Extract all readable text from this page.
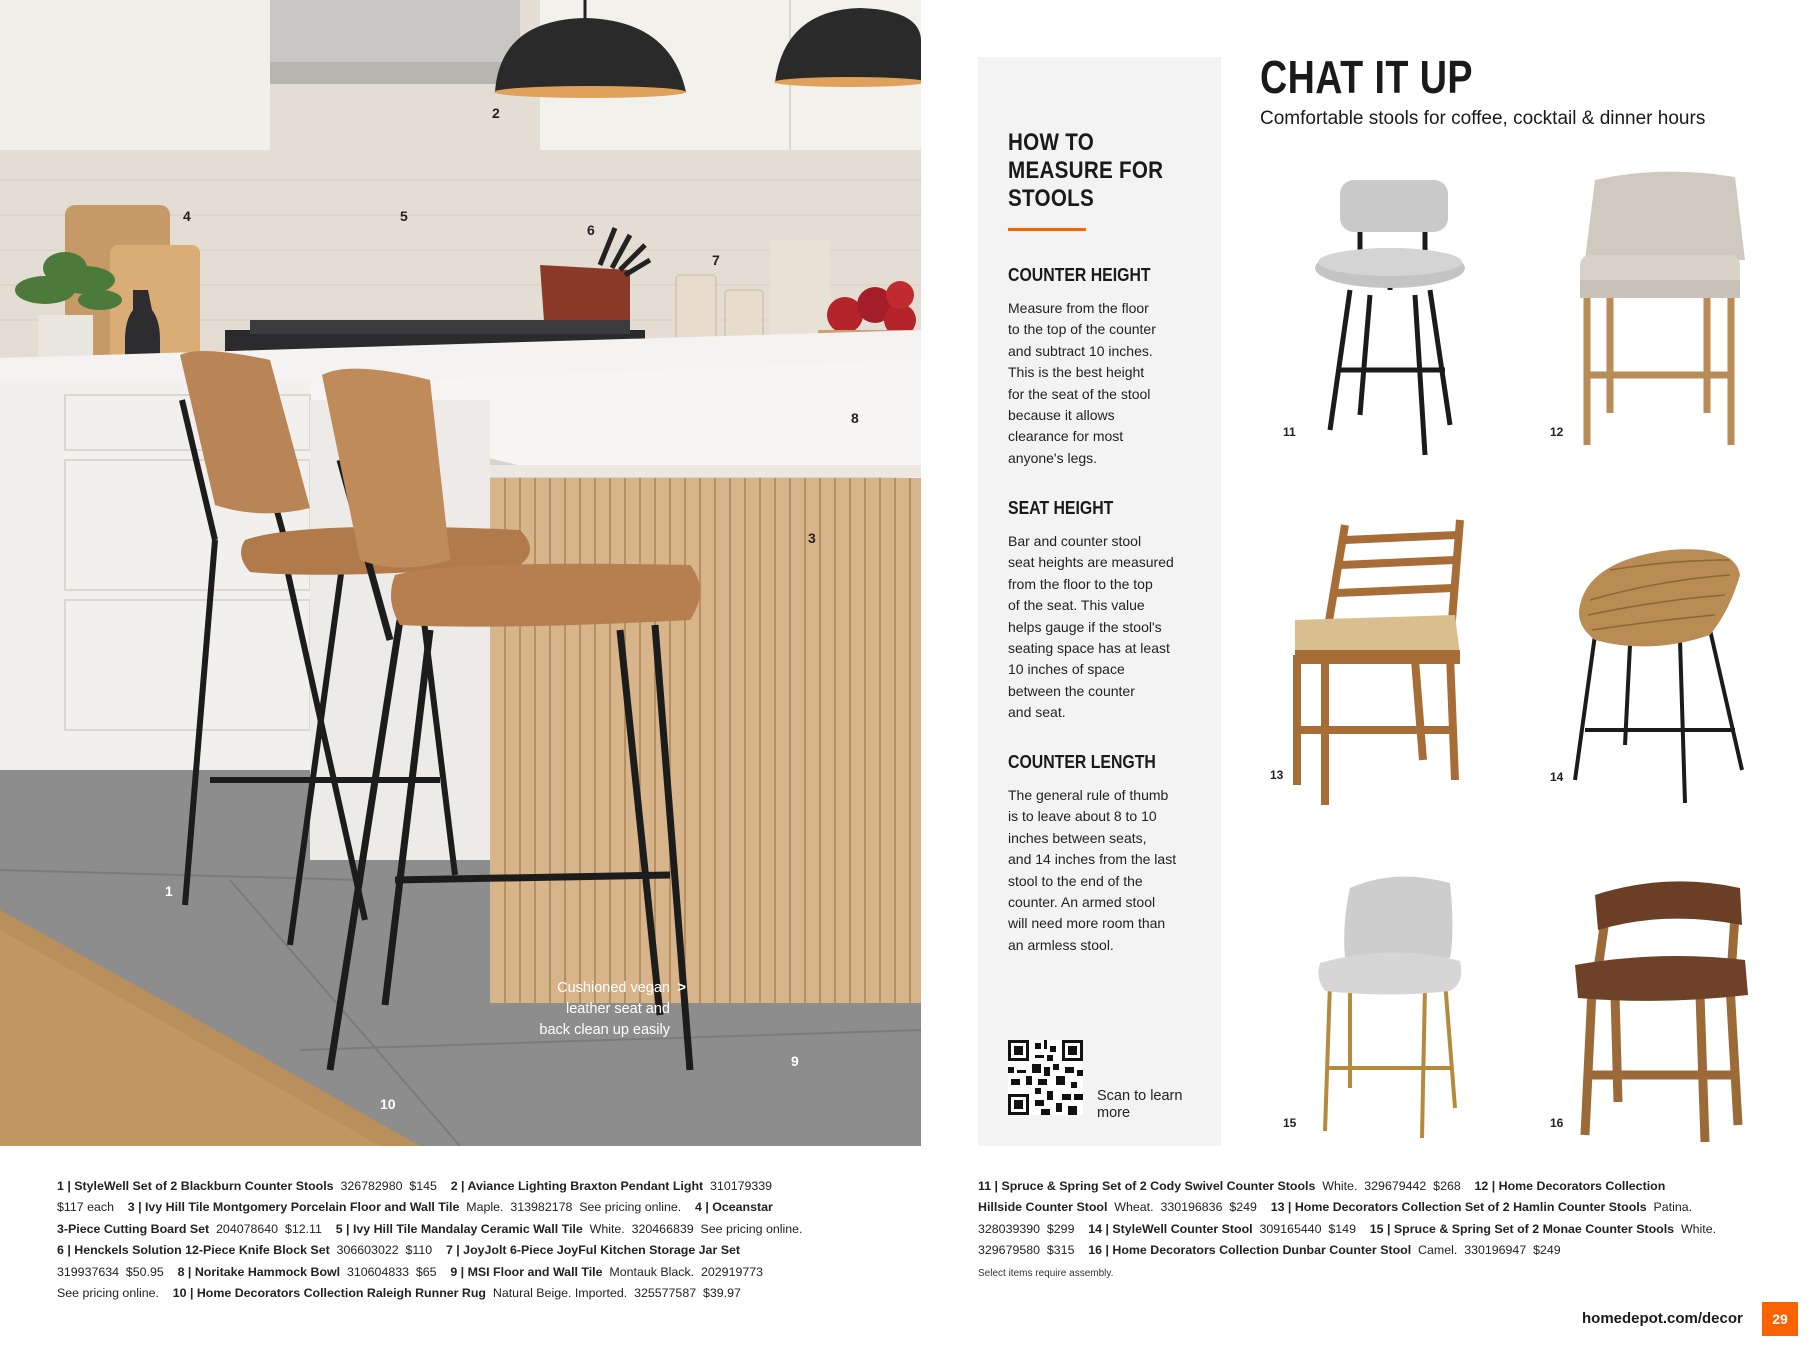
2
4	5
6
7
8
3
1
9
10
Cushioned vegan
leather seat and
back clean up easily
>
HOW TO MEASURE FOR STOOLS
COUNTER HEIGHT
Measure from the floor
to the top of the counter
and subtract 10 inches.
This is the best height
for the seat of the stool
because it allows
clearance for most
anyone's legs.
SEAT HEIGHT
Bar and counter stool
seat heights are measured
from the floor to the top
of the seat. This value
helps gauge if the stool's
seating space has at least
10 inches of space
between the counter
and seat.
COUNTER LENGTH
The general rule of thumb
is to leave about 8 to 10
inches between seats,
and 14 inches from the last
stool to the end of the
counter. An armed stool
will need more room than
an armless stool.
Scan to learn more
CHAT IT UP
Comfortable stools for coffee, cocktail & dinner hours
11	12
13	14
15	16
1 | StyleWell Set of 2 Blackburn Counter Stools  326782980  $145    2 | Aviance Lighting Braxton Pendant Light  310179339
$117 each    3 | Ivy Hill Tile Montgomery Porcelain Floor and Wall Tile  Maple.  313982178  See pricing online.    4 | Oceanstar
3-Piece Cutting Board Set  204078640  $12.11    5 | Ivy Hill Tile Mandalay Ceramic Wall Tile  White.  320466839  See pricing online.
6 | Henckels Solution 12-Piece Knife Block Set  306603022  $110    7 | JoyJolt 6-Piece JoyFul Kitchen Storage Jar Set
319937634  $50.95    8 | Noritake Hammock Bowl  310604833  $65    9 | MSI Floor and Wall Tile  Montauk Black.  202919773
See pricing online.    10 | Home Decorators Collection Raleigh Runner Rug  Natural Beige. Imported.  325577587  $39.97
11 | Spruce & Spring Set of 2 Cody Swivel Counter Stools  White.  329679442  $268    12 | Home Decorators Collection
Hillside Counter Stool  Wheat.  330196836  $249    13 | Home Decorators Collection Set of 2 Hamlin Counter Stools  Patina.
328039390  $299    14 | StyleWell Counter Stool  309165440  $149    15 | Spruce & Spring Set of 2 Monae Counter Stools  White.
329679580  $315    16 | Home Decorators Collection Dunbar Counter Stool  Camel.  330196947  $249
Select items require assembly.
homedepot.com/decor	29
